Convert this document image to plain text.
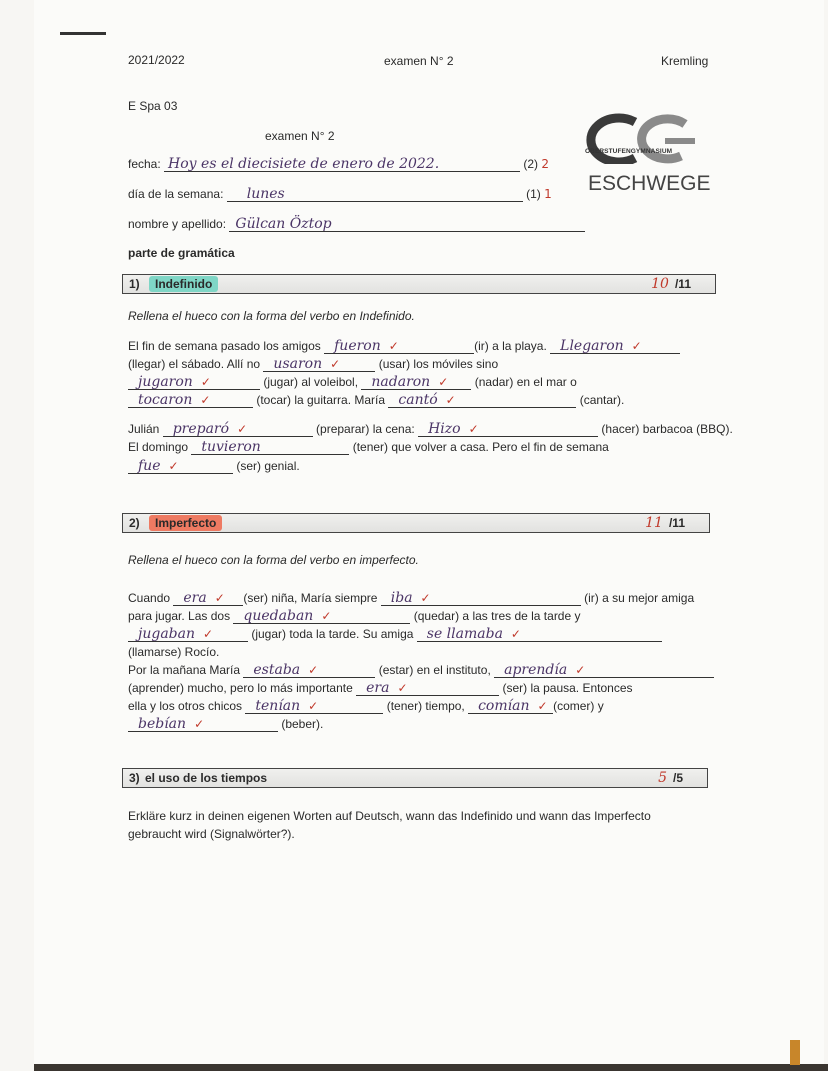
2021/2022	examen N° 2	Kremling
E Spa 03
examen N° 2
OBERSTUFENGYMNASIUM
ESCHWEGE
fecha: Hoy es el diecisiete de enero de 2022.	(2) 2
día de la semana: lunes	(1) 1
nombre y apellido: Gülcan Öztop
parte de gramática
1)	Indefinido	10 /11
Rellena el hueco con la forma del verbo en Indefinido.
El fin de semana pasado los amigos fueron ✓	(ir) a la playa. Llegaron ✓
(llegar) el sábado. Allí no usaron ✓	(usar) los móviles sino
jugaron ✓	(jugar) al voleibol, nadaron ✓ (nadar) en el mar o
tocaron ✓	(tocar) la guitarra. María cantó ✓	(cantar).
Julián preparó ✓	(preparar) la cena: Hizo ✓	(hacer) barbacoa (BBQ).
El domingo tuvieron	(tener) que volver a casa. Pero el fin de semana
fue ✓	(ser) genial.
2)	Imperfecto	11 /11
Rellena el hueco con la forma del verbo en imperfecto.
Cuando era ✓ (ser) niña, María siempre iba ✓	(ir) a su mejor amiga
para jugar. Las dos quedaban ✓	(quedar) a las tres de la tarde y
jugaban ✓	(jugar) toda la tarde. Su amiga se llamaba ✓
(llamarse) Rocío.
Por la mañana María estaba ✓	(estar) en el instituto, aprendía ✓
(aprender) mucho, pero lo más importante era ✓	(ser) la pausa. Entonces
ella y los otros chicos tenían ✓	(tener) tiempo, comían ✓ (comer) y
bebían ✓	(beber).
3) el uso de los tiempos	5 /5
Erkläre kurz in deinen eigenen Worten auf Deutsch, wann das Indefinido und wann das Imperfecto
gebraucht wird (Signalwörter?).
